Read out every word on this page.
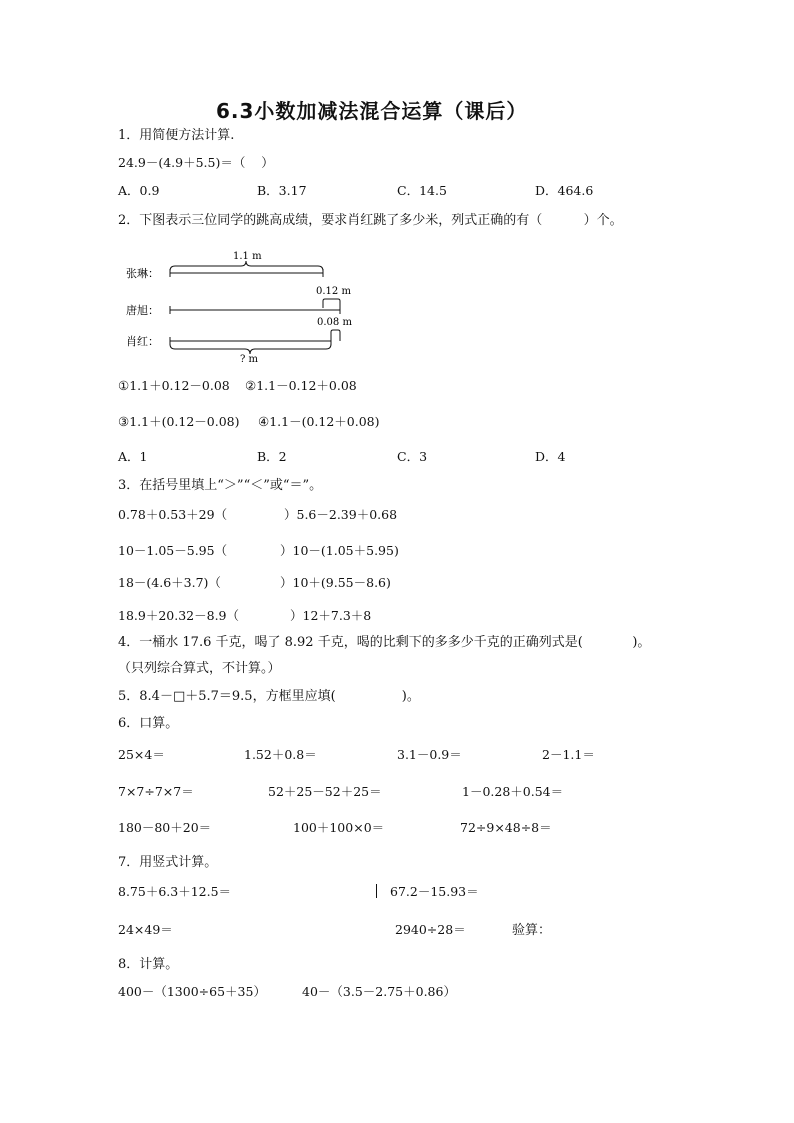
6.3小数加减法混合运算（课后）
1．用简便方法计算.
24.9－(4.9＋5.5)＝（    ）
A．0.9	B．3.17	C．14.5	D．464.6
2．下图表示三位同学的跳高成绩，要求肖红跳了多少米，列式正确的有（          ）个。
张琳：
唐旭：
肖红：
1.1 m
0.12 m
0.08 m
? m
①1.1＋0.12－0.08 ②1.1－0.12＋0.08
③1.1＋(0.12－0.08) ④1.1－(0.12＋0.08)
A．1	B．2	C．3	D．4
3．在括号里填上“＞”“＜”或“＝”。
0.78＋0.53＋29（	）5.6－2.39＋0.68
10－1.05－5.95（	）10－(1.05＋5.95)
18－(4.6＋3.7)（	）10＋(9.55－8.6)
18.9＋20.32－8.9（	）12＋7.3＋8
4．一桶水 17.6 千克，喝了 8.92 千克，喝的比剩下的多多少千克的正确列式是(            )。
（只列综合算式，不计算。）
5．8.4－□＋5.7＝9.5，方框里应填(                )。
6．口算。
25×4＝	1.52＋0.8＝	3.1－0.9＝	2－1.1＝
7×7÷7×7＝	52＋25－52＋25＝	1－0.28＋0.54＝
180－80＋20＝	100＋100×0＝	72÷9×48÷8＝
7．用竖式计算。
8.75＋6.3＋12.5＝	67.2－15.93＝
24×49＝	2940÷28＝	验算：
8．计算。
400－（1300÷65＋35）	40－（3.5－2.75＋0.86）
